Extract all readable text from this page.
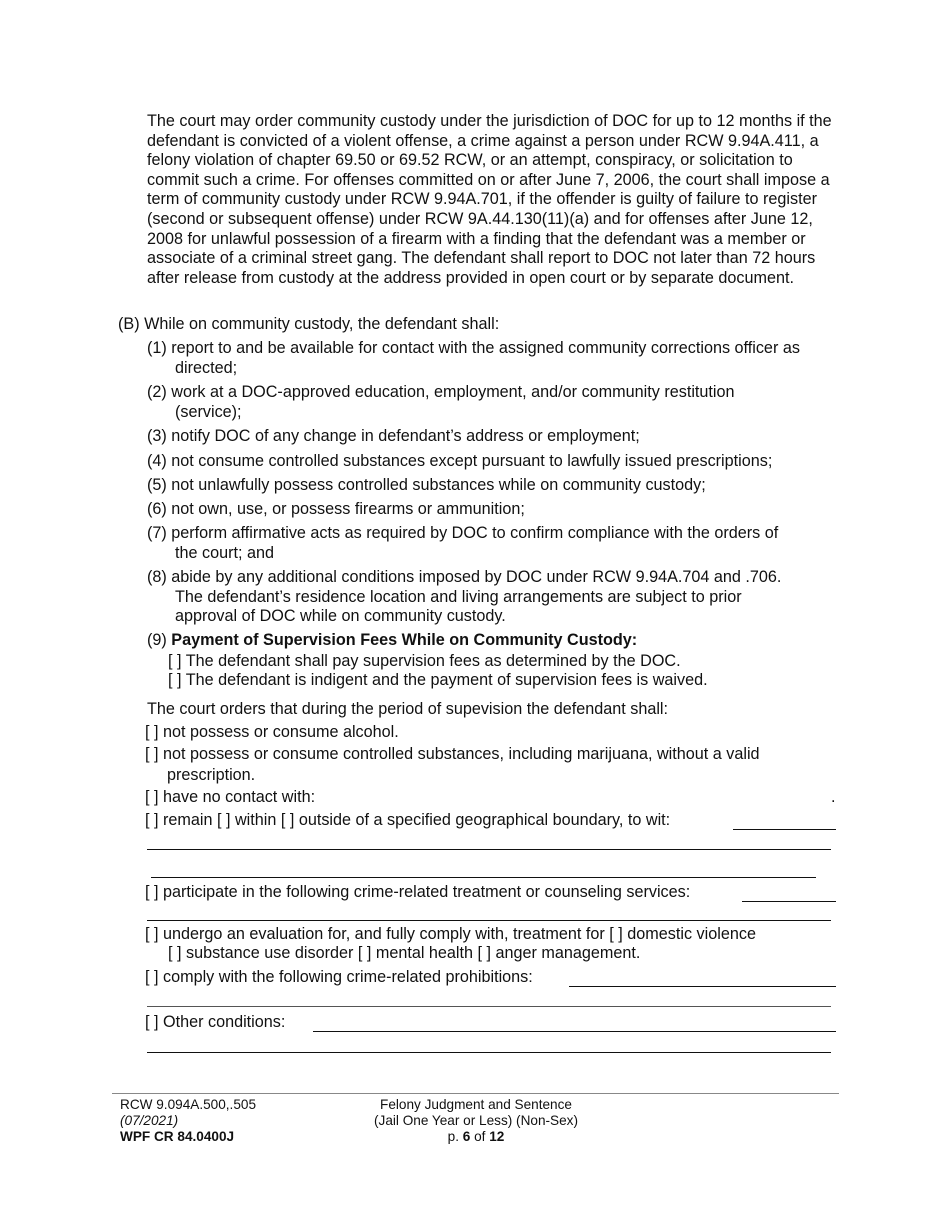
The court may order community custody under the jurisdiction of DOC for up to 12 months if the defendant is convicted of a violent offense, a crime against a person under RCW 9.94A.411, a felony violation of chapter 69.50 or 69.52 RCW, or an attempt, conspiracy, or solicitation to commit such a crime. For offenses committed on or after June 7, 2006, the court shall impose a term of community custody under RCW 9.94A.701, if the offender is guilty of failure to register (second or subsequent offense) under RCW 9A.44.130(11)(a) and for offenses after June 12, 2008 for unlawful possession of a firearm with a finding that the defendant was a member or associate of a criminal street gang. The defendant shall report to DOC not later than 72 hours after release from custody at the address provided in open court or by separate document.
(B) While on community custody, the defendant shall:
(1) report to and be available for contact with the assigned community corrections officer as
directed;
(2) work at a DOC-approved education, employment, and/or community restitution
(service);
(3) notify DOC of any change in defendant’s address or employment;
(4) not consume controlled substances except pursuant to lawfully issued prescriptions;
(5) not unlawfully possess controlled substances while on community custody;
(6) not own, use, or possess firearms or ammunition;
(7) perform affirmative acts as required by DOC to confirm compliance with the orders of
the court; and
(8) abide by any additional conditions imposed by DOC under RCW 9.94A.704 and .706.
The defendant’s residence location and living arrangements are subject to prior
approval of DOC while on community custody.
(9) Payment of Supervision Fees While on Community Custody:
[ ] The defendant shall pay supervision fees as determined by the DOC.
[ ] The defendant is indigent and the payment of supervision fees is waived.
The court orders that during the period of supevision the defendant shall:
[ ] not possess or consume alcohol.
[ ] not possess or consume controlled substances, including marijuana, without a valid
prescription.
[ ] have no contact with:	.
[ ] remain [ ] within [ ] outside of a specified geographical boundary, to wit:
[ ] participate in the following crime-related treatment or counseling services:
[ ] undergo an evaluation for, and fully comply with, treatment for [ ] domestic violence
[ ] substance use disorder [ ] mental health [ ] anger management.
[ ] comply with the following crime-related prohibitions:
[ ] Other conditions:
RCW 9.094A.500,.505
(07/2021)
WPF CR 84.0400J
Felony Judgment and Sentence
(Jail One Year or Less) (Non-Sex)
p. 6 of 12
